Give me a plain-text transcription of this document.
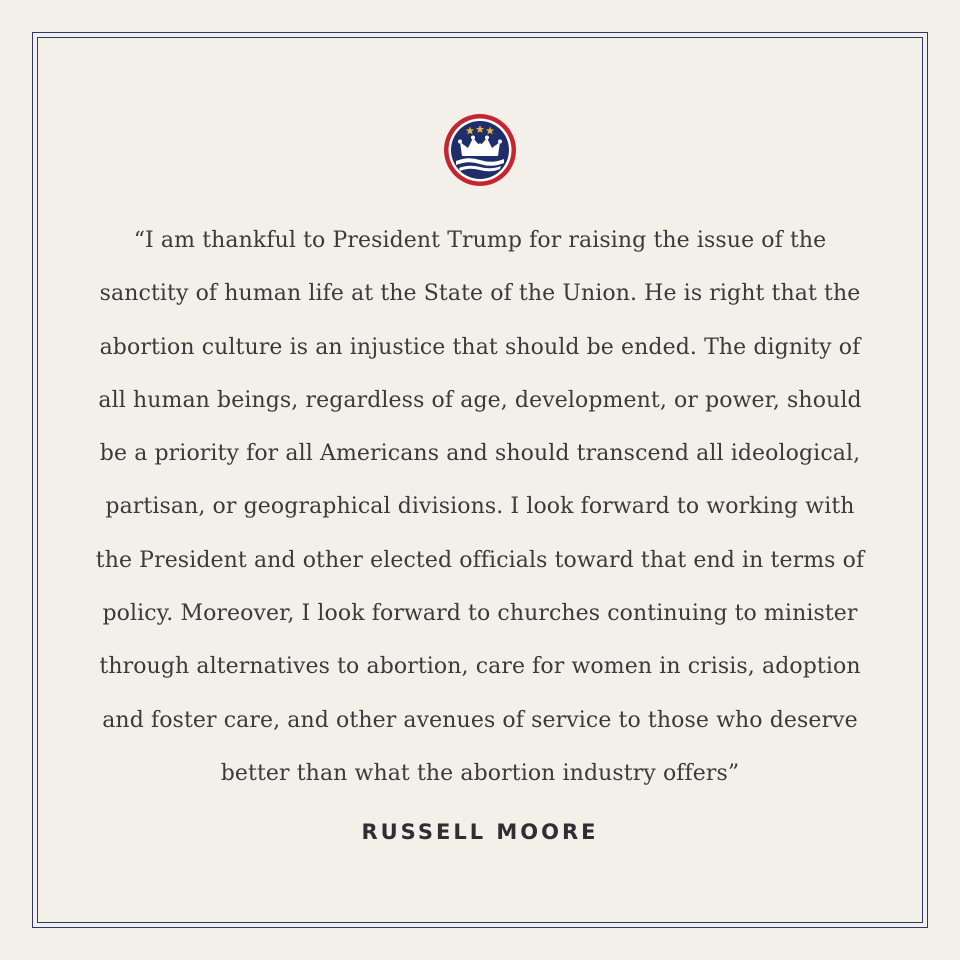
“I am thankful to President Trump for raising the issue of the
sanctity of human life at the State of the Union. He is right that the
abortion culture is an injustice that should be ended. The dignity of
all human beings, regardless of age, development, or power, should
be a priority for all Americans and should transcend all ideological,
partisan, or geographical divisions. I look forward to working with
the President and other elected officials toward that end in terms of
policy. Moreover, I look forward to churches continuing to minister
through alternatives to abortion, care for women in crisis, adoption
and foster care, and other avenues of service to those who deserve
better than what the abortion industry offers”

RUSSELL MOORE
